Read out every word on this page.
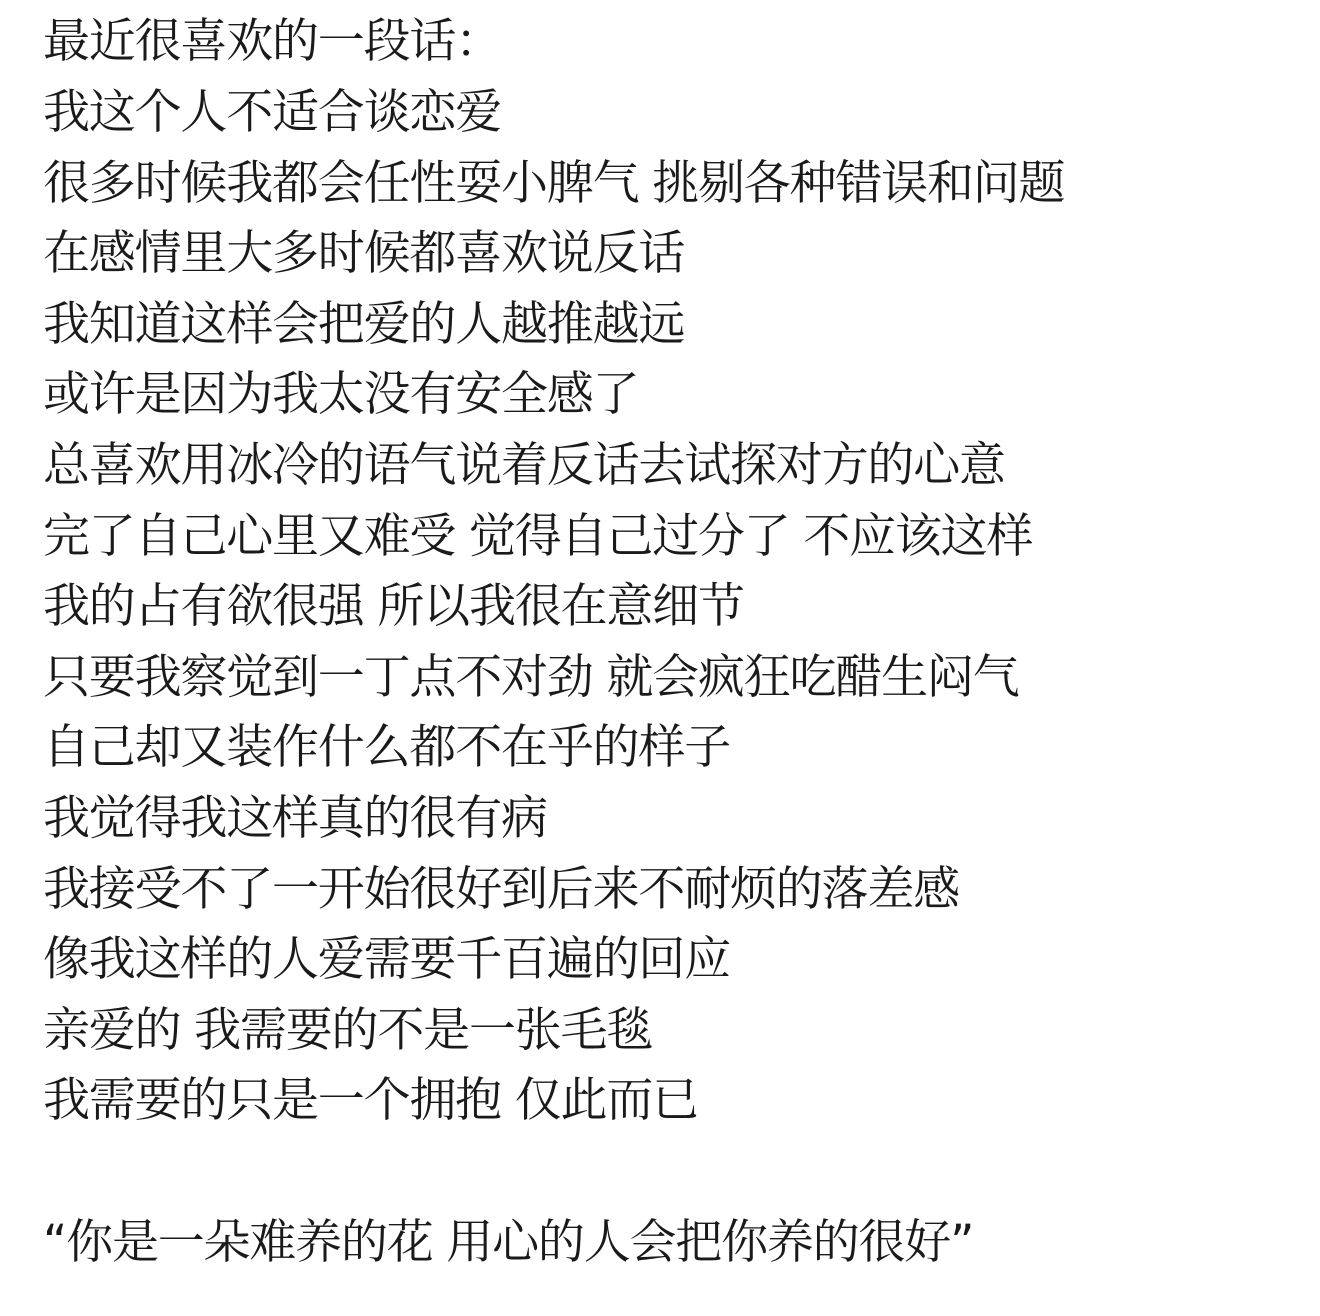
最近很喜欢的一段话：
我这个人不适合谈恋爱
很多时候我都会任性耍小脾气 挑剔各种错误和问题
在感情里大多时候都喜欢说反话
我知道这样会把爱的人越推越远
或许是因为我太没有安全感了
总喜欢用冰冷的语气说着反话去试探对方的心意
完了自己心里又难受 觉得自己过分了 不应该这样
我的占有欲很强 所以我很在意细节
只要我察觉到一丁点不对劲 就会疯狂吃醋生闷气
自己却又装作什么都不在乎的样子
我觉得我这样真的很有病
我接受不了一开始很好到后来不耐烦的落差感
像我这样的人爱需要千百遍的回应
亲爱的 我需要的不是一张毛毯
我需要的只是一个拥抱 仅此而已
“你是一朵难养的花 用心的人会把你养的很好”
